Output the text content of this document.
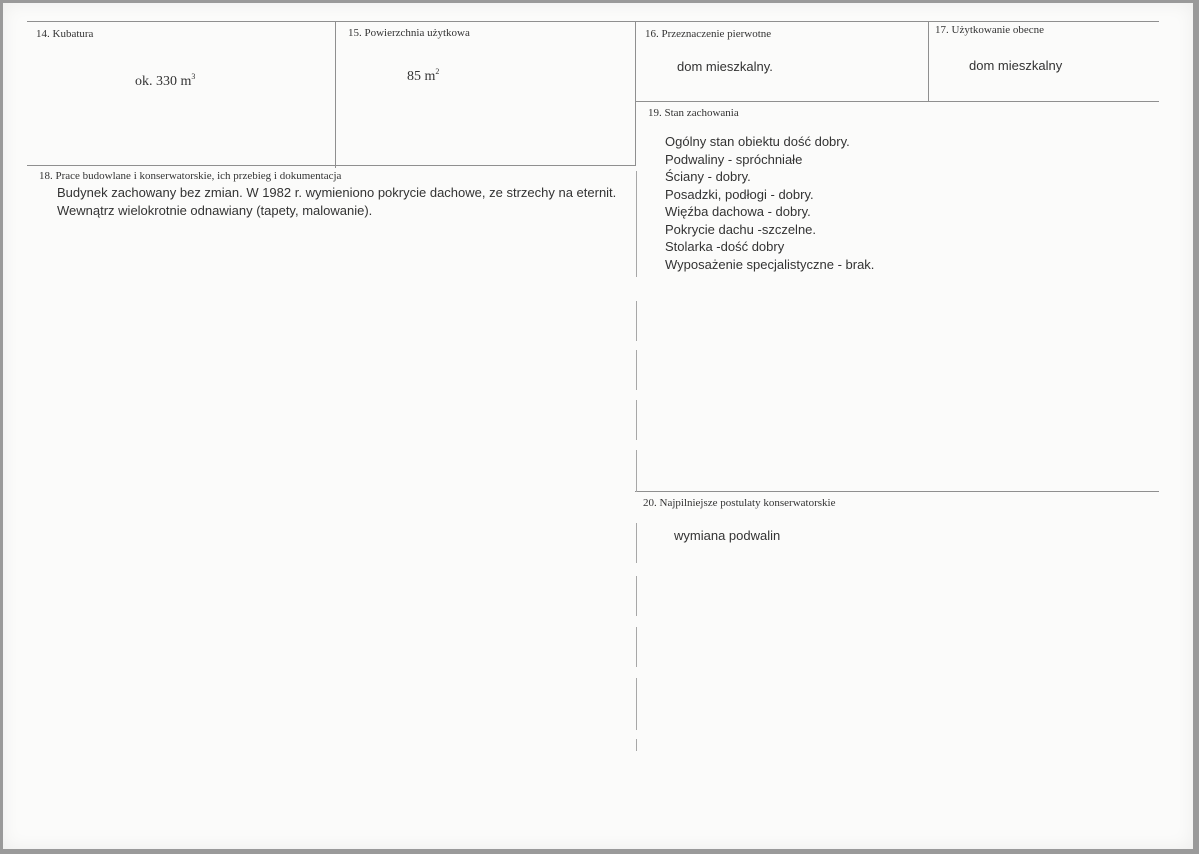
14. Kubatura
ok. 330 $m^3$
15. Powierzchnia użytkowa
85 $m^2$
16. Przeznaczenie pierwotne
dom mieszkalny.
17. Użytkowanie obecne
dom mieszkalny
19. Stan zachowania
Ogólny stan obiektu dość dobry.
Podwaliny - spróchniałe
Ściany - dobry.
Posadzki, podłogi - dobry.
Więźba dachowa - dobry.
Pokrycie dachu -szczelne.
Stolarka -dość dobry
Wyposażenie specjalistyczne - brak.
18. Prace budowlane i konserwatorskie, ich przebieg i dokumentacja
Budynek zachowany bez zmian. W 1982 r. wymieniono pokrycie dachowe, ze strzechy na eternit. Wewnątrz wielokrotnie odnawiany (tapety, malowanie).
20. Najpilniejsze postulaty konserwatorskie
wymiana podwalin
